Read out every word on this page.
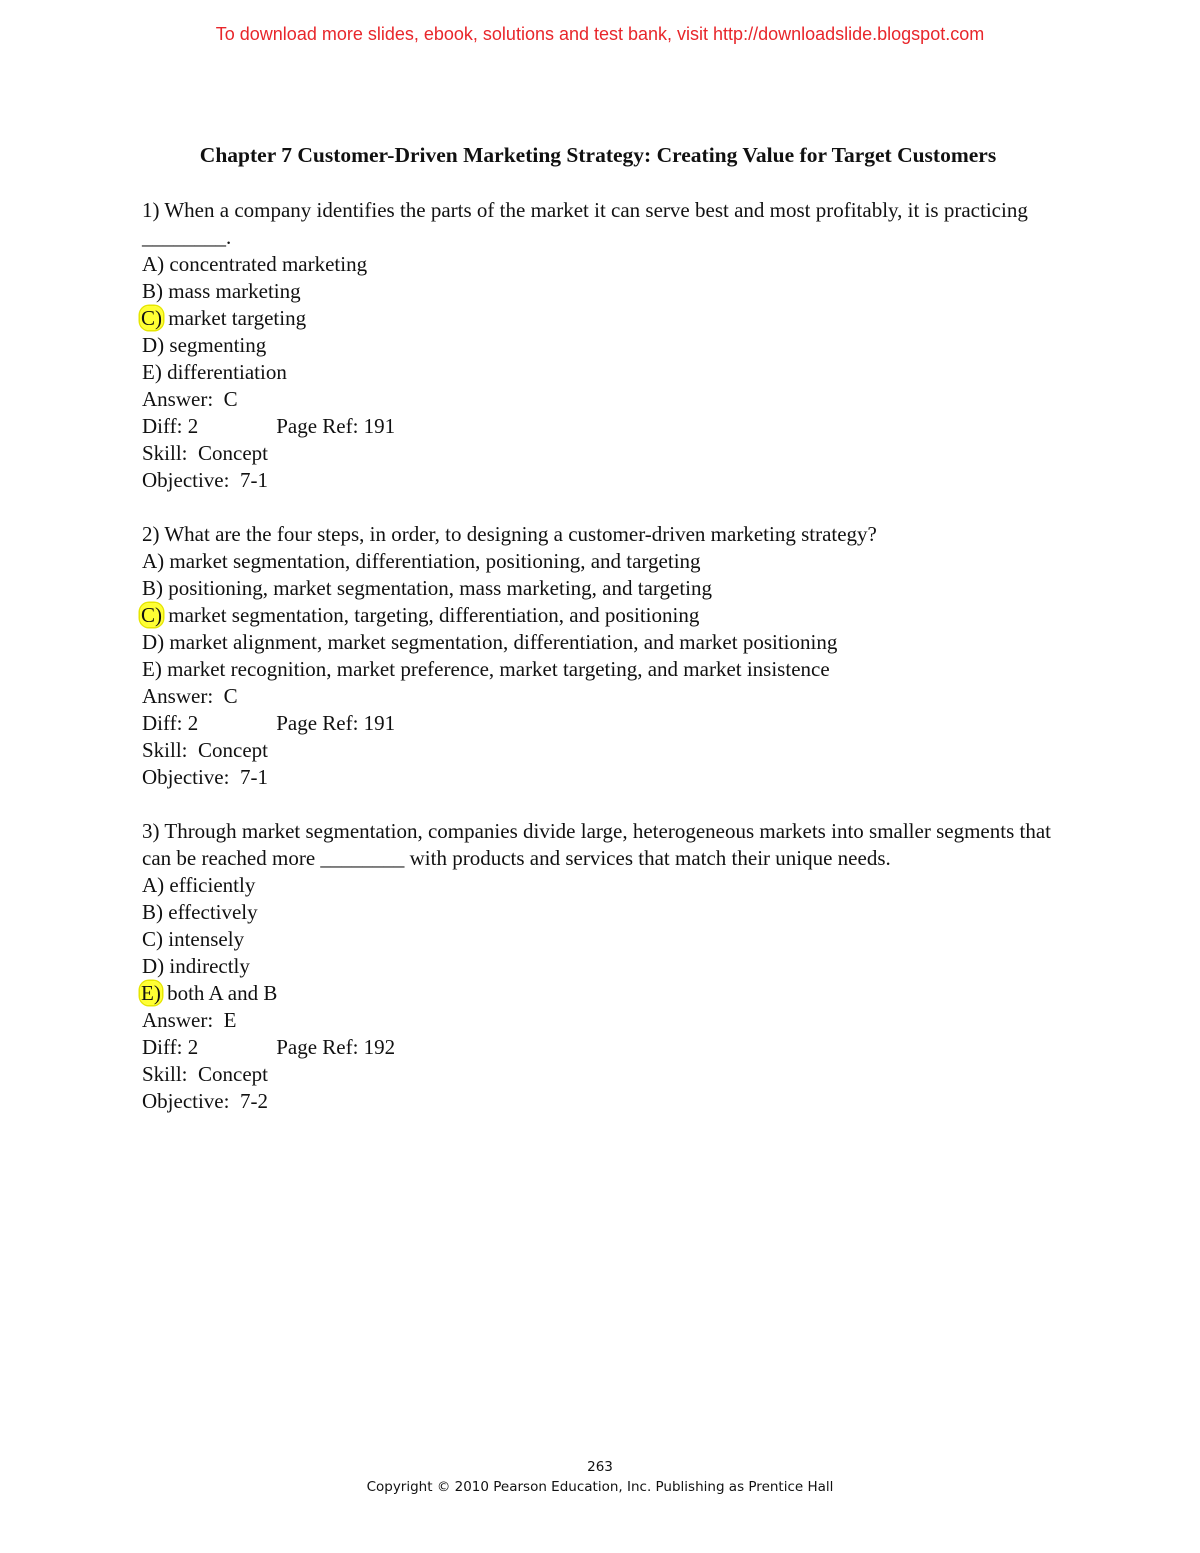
To download more slides, ebook, solutions and test bank, visit http://downloadslide.blogspot.com
Chapter 7 Customer-Driven Marketing Strategy: Creating Value for Target Customers
1) When a company identifies the parts of the market it can serve best and most profitably, it is practicing ________.
A) concentrated marketing
B) mass marketing
C) market targeting
D) segmenting
E) differentiation
Answer:  C
Diff: 2	Page Ref: 191
Skill:  Concept
Objective:  7-1
2) What are the four steps, in order, to designing a customer-driven marketing strategy?
A) market segmentation, differentiation, positioning, and targeting
B) positioning, market segmentation, mass marketing, and targeting
C) market segmentation, targeting, differentiation, and positioning
D) market alignment, market segmentation, differentiation, and market positioning
E) market recognition, market preference, market targeting, and market insistence
Answer:  C
Diff: 2	Page Ref: 191
Skill:  Concept
Objective:  7-1
3) Through market segmentation, companies divide large, heterogeneous markets into smaller segments that can be reached more ________ with products and services that match their unique needs.
A) efficiently
B) effectively
C) intensely
D) indirectly
E) both A and B
Answer:  E
Diff: 2	Page Ref: 192
Skill:  Concept
Objective:  7-2
263
Copyright © 2010 Pearson Education, Inc. Publishing as Prentice Hall
